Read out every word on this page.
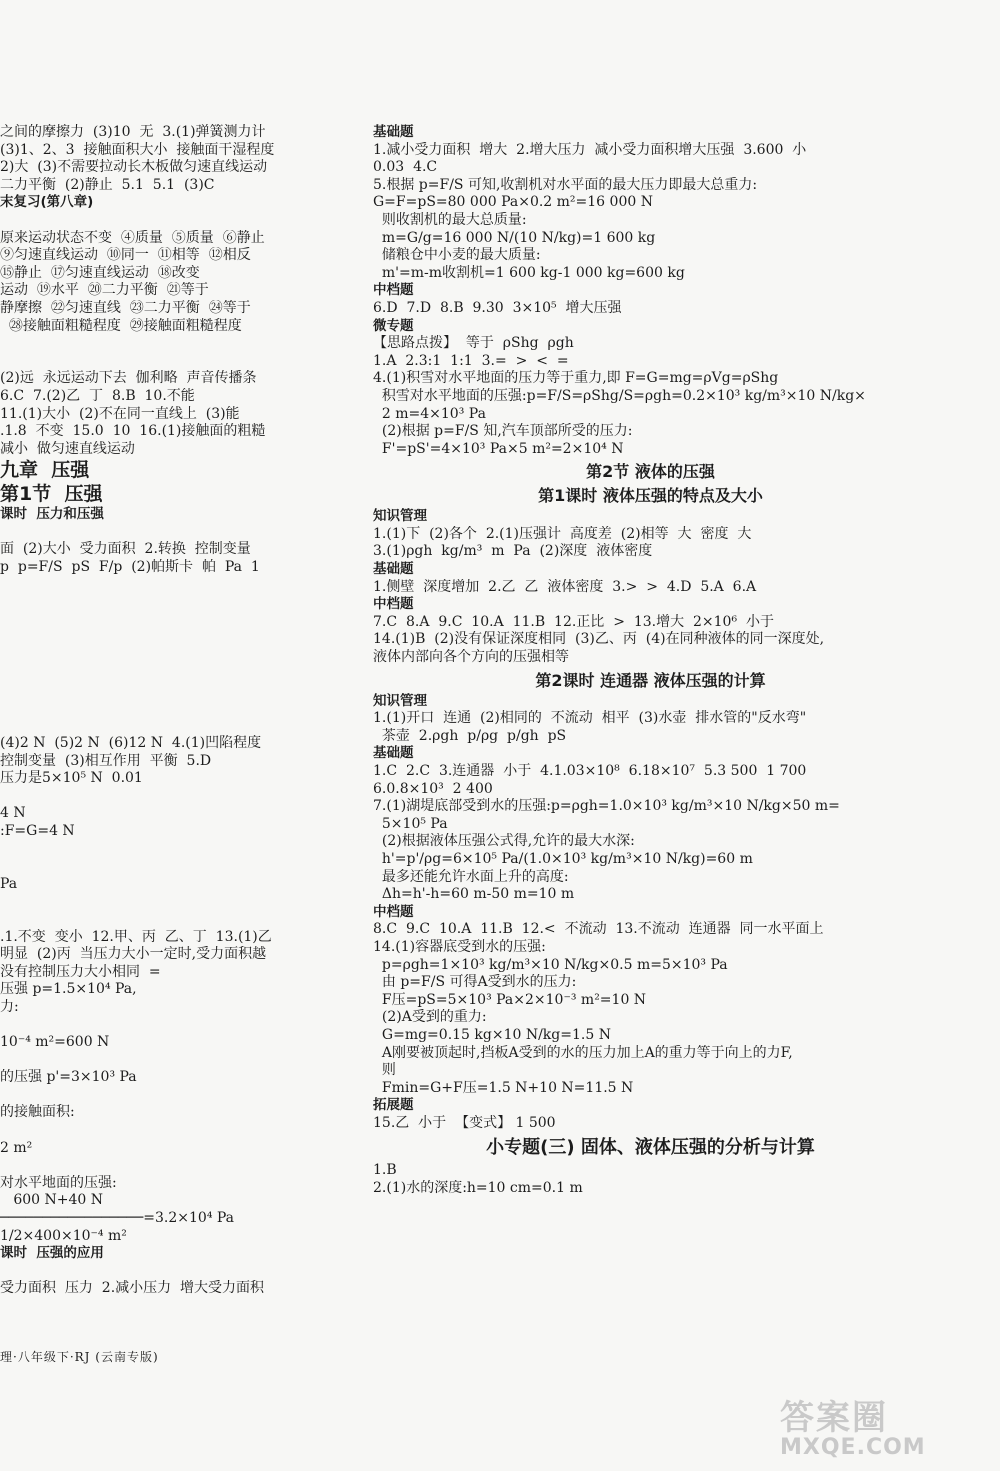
之间的摩擦力  (3)10  无  3.(1)弹簧测力计
(3)1、2、3  接触面积大小  接触面干湿程度
2)大  (3)不需要拉动长木板做匀速直线运动
二力平衡  (2)静止  5.1  5.1  (3)C
末复习(第八章)
原来运动状态不变  ④质量  ⑤质量  ⑥静止
⑨匀速直线运动  ⑩同一  ⑪相等  ⑫相反
⑮静止  ⑰匀速直线运动  ⑱改变
运动  ⑲水平  ⑳二力平衡  ㉑等于
静摩擦  ㉒匀速直线  ㉓二力平衡  ㉔等于
㉘接触面粗糙程度  ㉙接触面粗糙程度
(2)远  永远运动下去  伽利略  声音传播条
6.C  7.(2)乙  丁  8.B  10.不能
11.(1)大小  (2)不在同一直线上  (3)能
.1.8  不变  15.0  10  16.(1)接触面的粗糙
减小  做匀速直线运动
九章  压强
第1节  压强
课时  压力和压强
面  (2)大小  受力面积  2.转换  控制变量
p  p=F/S  pS  F/p  (2)帕斯卡  帕  Pa  1
(4)2 N  (5)2 N  (6)12 N  4.(1)凹陷程度
控制变量  (3)相互作用  平衡  5.D
压力是5×10⁵ N  0.01
4 N
:F=G=4 N
Pa
.1.不变  变小  12.甲、丙  乙、丁  13.(1)乙
明显  (2)丙  当压力大小一定时,受力面积越
没有控制压力大小相同  =
压强 p=1.5×10⁴ Pa,
力:
10⁻⁴ m²=600 N
的压强 p'=3×10³ Pa
的接触面积:
2 m²
对水平地面的压强:
600 N+40 N
─────────────────=3.2×10⁴ Pa
1/2×400×10⁻⁴ m²
课时  压强的应用
受力面积  压力  2.减小压力  增大受力面积
基础题
1.减小受力面积  增大  2.增大压力  减小受力面积增大压强  3.600  小
0.03  4.C
5.根据 p=F/S 可知,收割机对水平面的最大压力即最大总重力:
G=F=pS=80 000 Pa×0.2 m²=16 000 N
则收割机的最大总质量:
m=G/g=16 000 N/(10 N/kg)=1 600 kg
储粮仓中小麦的最大质量:
m'=m-m收割机=1 600 kg-1 000 kg=600 kg
中档题
6.D  7.D  8.B  9.30  3×10⁵  增大压强
微专题
【思路点拨】  等于  ρShg  ρgh
1.A  2.3:1  1:1  3.=  >  <  =
4.(1)积雪对水平地面的压力等于重力,即 F=G=mg=ρVg=ρShg
积雪对水平地面的压强:p=F/S=ρShg/S=ρgh=0.2×10³ kg/m³×10 N/kg×
2 m=4×10³ Pa
(2)根据 p=F/S 知,汽车顶部所受的压力:
F'=pS'=4×10³ Pa×5 m²=2×10⁴ N
第2节 液体的压强
第1课时 液体压强的特点及大小
知识管理
1.(1)下  (2)各个  2.(1)压强计  高度差  (2)相等  大  密度  大
3.(1)ρgh  kg/m³  m  Pa  (2)深度  液体密度
基础题
1.侧壁  深度增加  2.乙  乙  液体密度  3.>  >  4.D  5.A  6.A
中档题
7.C  8.A  9.C  10.A  11.B  12.正比  >  13.增大  2×10⁶  小于
14.(1)B  (2)没有保证深度相同  (3)乙、丙  (4)在同种液体的同一深度处,
液体内部向各个方向的压强相等
第2课时 连通器 液体压强的计算
知识管理
1.(1)开口  连通  (2)相同的  不流动  相平  (3)水壶  排水管的"反水弯"
茶壶  2.ρgh  p/ρg  p/gh  pS
基础题
1.C  2.C  3.连通器  小于  4.1.03×10⁸  6.18×10⁷  5.3 500  1 700
6.0.8×10³  2 400
7.(1)湖堤底部受到水的压强:p=ρgh=1.0×10³ kg/m³×10 N/kg×50 m=
5×10⁵ Pa
(2)根据液体压强公式得,允许的最大水深:
h'=p'/ρg=6×10⁵ Pa/(1.0×10³ kg/m³×10 N/kg)=60 m
最多还能允许水面上升的高度:
Δh=h'-h=60 m-50 m=10 m
中档题
8.C  9.C  10.A  11.B  12.<  不流动  13.不流动  连通器  同一水平面上
14.(1)容器底受到水的压强:
p=ρgh=1×10³ kg/m³×10 N/kg×0.5 m=5×10³ Pa
由 p=F/S 可得A受到水的压力:
F压=pS=5×10³ Pa×2×10⁻³ m²=10 N
(2)A受到的重力:
G=mg=0.15 kg×10 N/kg=1.5 N
A刚要被顶起时,挡板A受到的水的压力加上A的重力等于向上的力F,
则
Fmin=G+F压=1.5 N+10 N=11.5 N
拓展题
15.乙  小于  【变式】 1 500
小专题(三) 固体、液体压强的分析与计算
1.B
2.(1)水的深度:h=10 cm=0.1 m
理·八年级下·RJ (云南专版)
答案圈
MXQE.COM
